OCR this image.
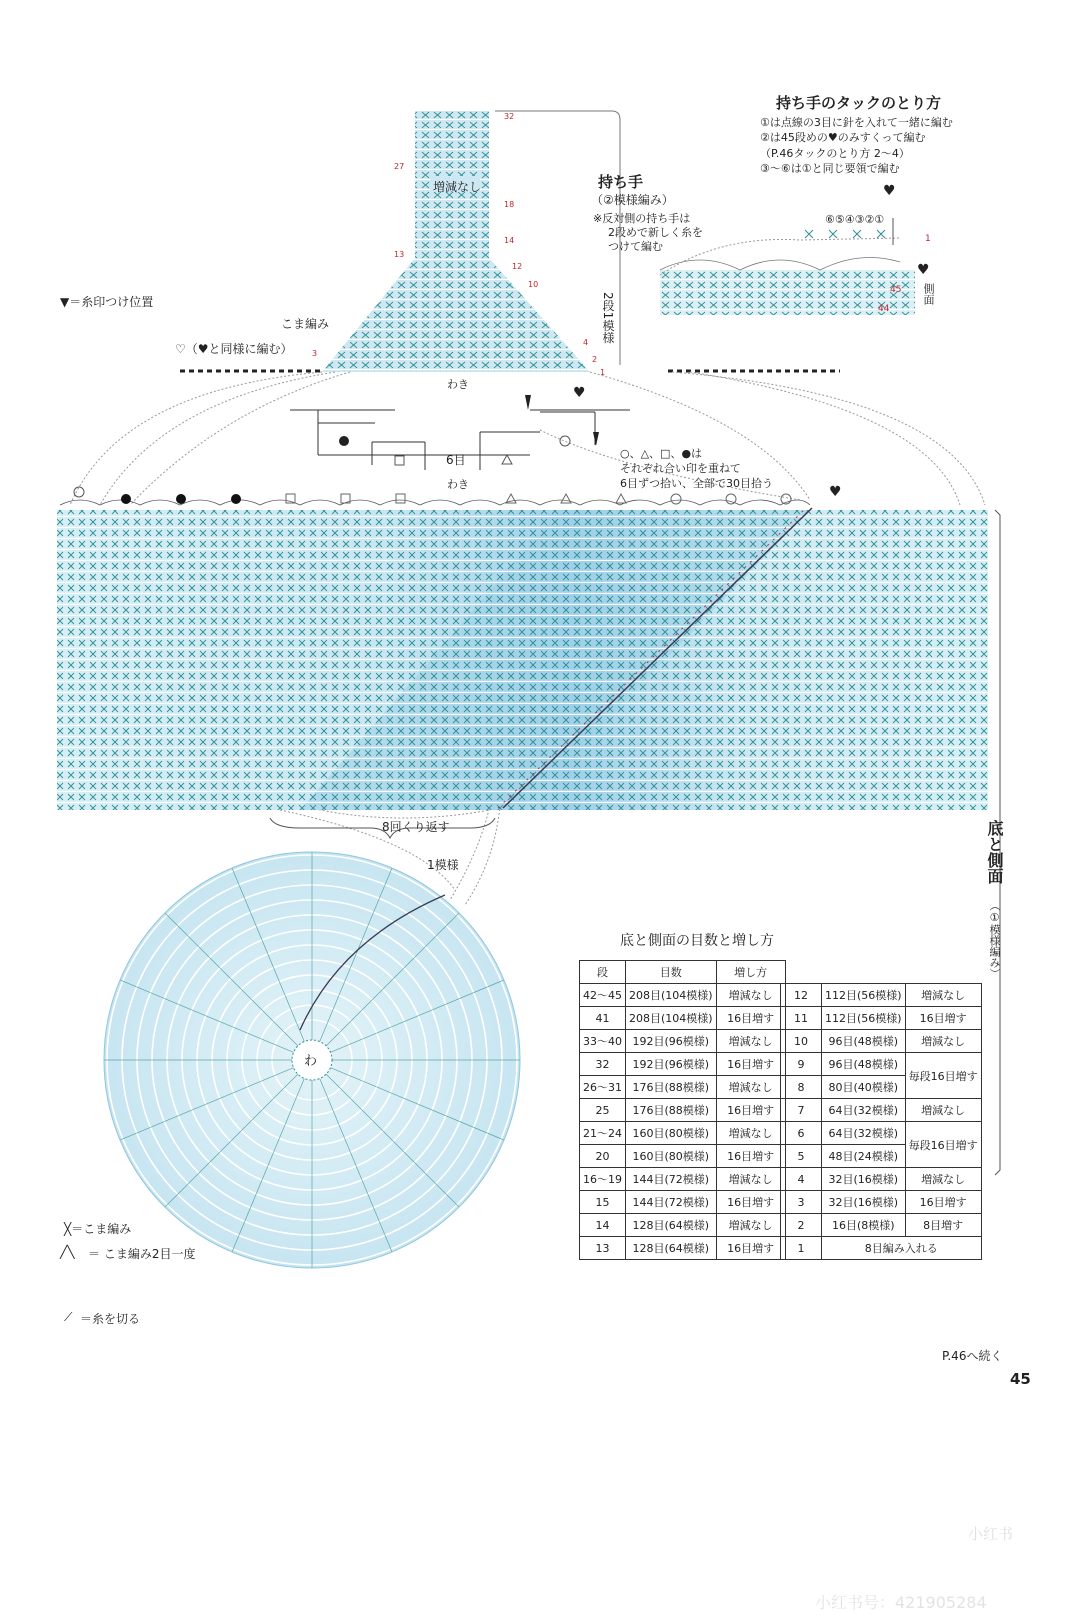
▼＝糸印つけ位置
増減なし
こま編み
♡（♥と同様に編む）
2段1模様
持ち手
（②模様編み）
※反対側の持ち手は
2段めで新しく糸を
つけて編む
32
27
18
14
13
12
10
4
3
2
1
持ち手のタックのとり方
①は点線の3目に針を入れて一緒に編む
②は45段めの♥のみすくって編む
（P.46タックのとり方 2～4）
③～⑥は①と同じ要領で編む
⑥⑤④③②①
1
45
44
側面
♥
♥
わき
6目
わき
○、△、□、●は
それぞれ合い印を重ねて
6目ずつ拾い、全部で30目拾う
♥
♥
8回くり返す
1模様	底と側面
（①模様編み）
わ
╳＝こま編み
╱╲ ＝ こま編み2目一度
⟋ ＝糸を切る
底と側面の目数と増し方
段	目数	増し方
42～45	208目(104模様)	増減なし
41	208目(104模様)	16目増す
33～40	192目(96模様)	増減なし
32	192目(96模様)	16目増す
26～31	176目(88模様)	増減なし
25	176目(88模様)	16目増す
21～24	160目(80模様)	増減なし
20	160目(80模様)	16目増す
16～19	144目(72模様)	増減なし
15	144目(72模様)	16目増す
14	128目(64模様)	増減なし
13	128目(64模様)	16目増す
12	112目(56模様)	増減なし
11	112目(56模様)	16目増す
10	96目(48模様)	増減なし
9	96目(48模様)	毎段16目増す
8	80目(40模様)	
7	64目(32模様)	増減なし
6	64目(32模様)	毎段16目増す
5	48目(24模様)	
4	32目(16模様)	増減なし
3	32目(16模様)	16目増す
2	16目(8模様)	8目増す
1	8目編み入れる	
P.46へ続く
45
小红书
小红书号：421905284
